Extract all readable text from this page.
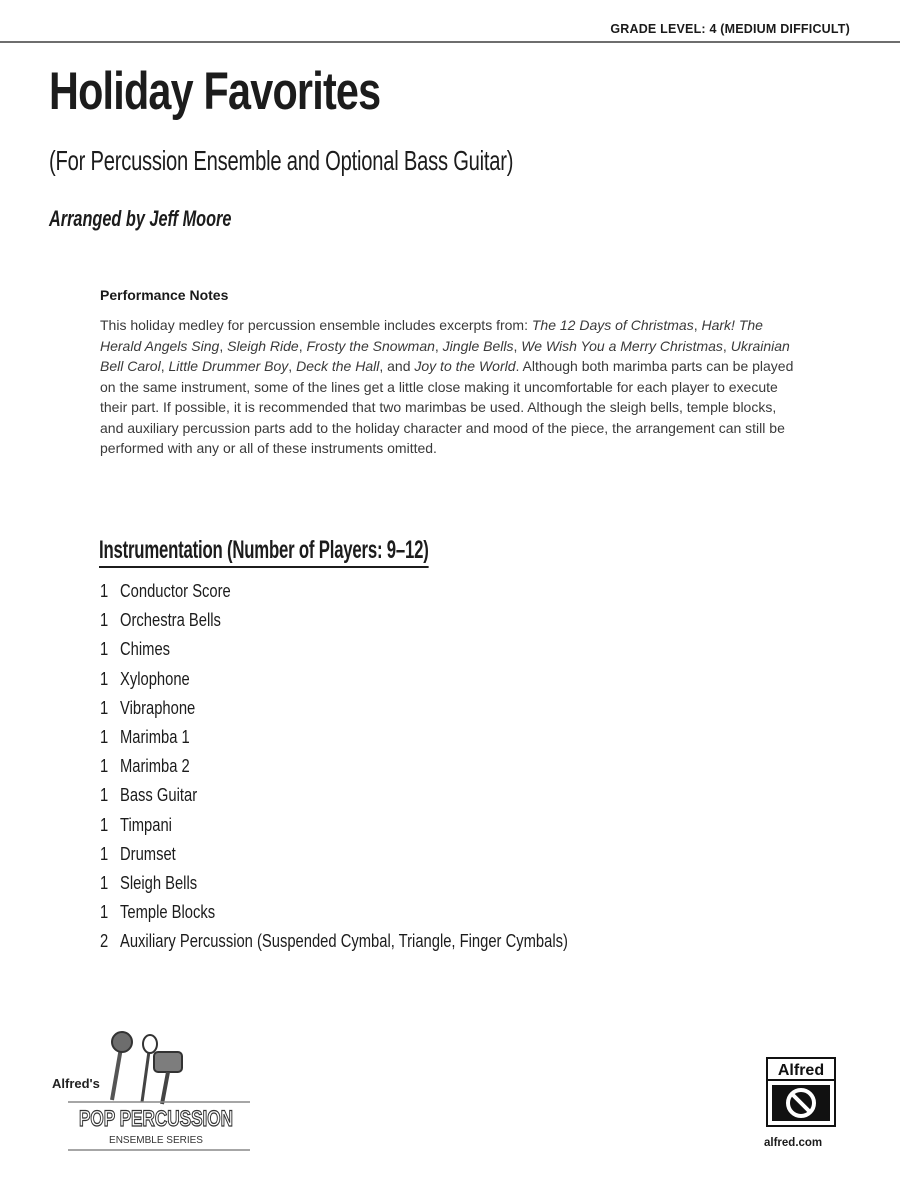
GRADE LEVEL: 4 (MEDIUM DIFFICULT)
Holiday Favorites
(For Percussion Ensemble and Optional Bass Guitar)
Arranged by Jeff Moore
Performance Notes

This holiday medley for percussion ensemble includes excerpts from: The 12 Days of Christmas, Hark! The Herald Angels Sing, Sleigh Ride, Frosty the Snowman, Jingle Bells, We Wish You a Merry Christmas, Ukrainian Bell Carol, Little Drummer Boy, Deck the Hall, and Joy to the World. Although both marimba parts can be played on the same instrument, some of the lines get a little close making it uncomfortable for each player to execute their part. If possible, it is recommended that two marimbas be used. Although the sleigh bells, temple blocks, and auxiliary percussion parts add to the holiday character and mood of the piece, the arrangement can still be performed with any or all of these instruments omitted.

Instrumentation (Number of Players: 9–12)
1 Conductor Score
1 Orchestra Bells
1 Chimes
1 Xylophone
1 Vibraphone
1 Marimba 1
1 Marimba 2
1 Bass Guitar
1 Timpani
1 Drumset
1 Sleigh Bells
1 Temple Blocks
2 Auxiliary Percussion (Suspended Cymbal, Triangle, Finger Cymbals)
Alfred's
POP PERCUSSION
ENSEMBLE SERIES
Alfred
alfred.com
